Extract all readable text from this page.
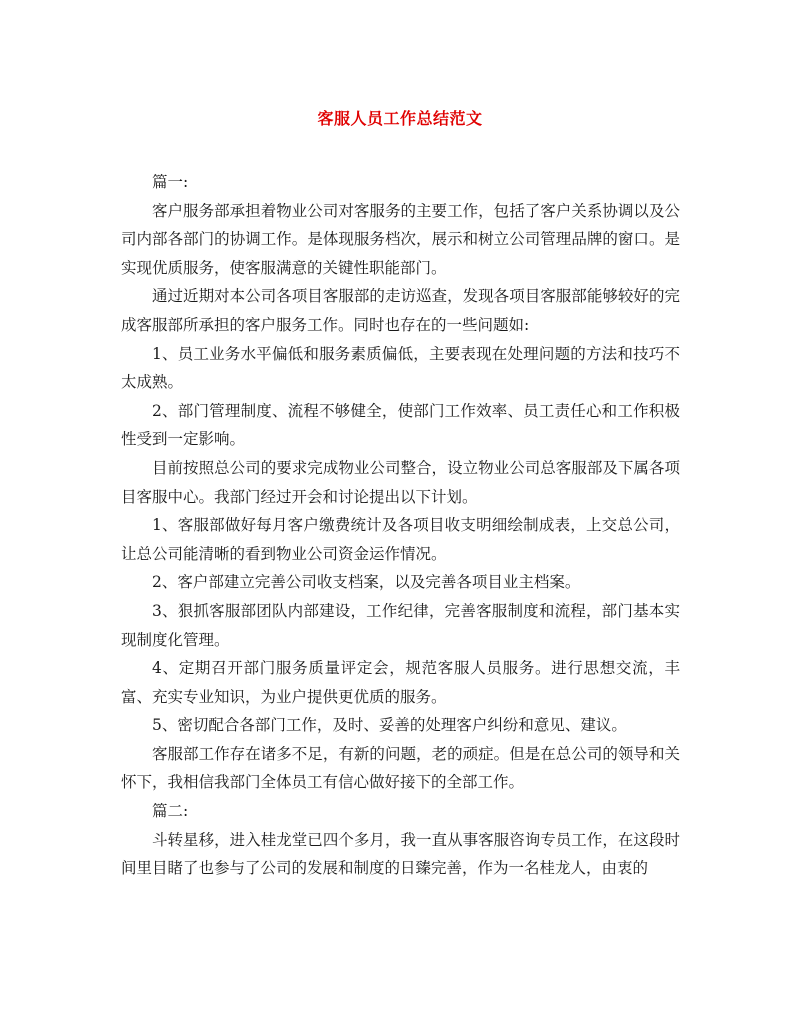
客服人员工作总结范文

篇一:

客户服务部承担着物业公司对客服务的主要工作，包括了客户关系协调以及公司内部各部门的协调工作。是体现服务档次，展示和树立公司管理品牌的窗口。是实现优质服务，使客服满意的关键性职能部门。

通过近期对本公司各项目客服部的走访巡查，发现各项目客服部能够较好的完成客服部所承担的客户服务工作。同时也存在的一些问题如:

1、员工业务水平偏低和服务素质偏低，主要表现在处理问题的方法和技巧不太成熟。

2、部门管理制度、流程不够健全，使部门工作效率、员工责任心和工作积极性受到一定影响。

目前按照总公司的要求完成物业公司整合，设立物业公司总客服部及下属各项目客服中心。我部门经过开会和讨论提出以下计划。

1、客服部做好每月客户缴费统计及各项目收支明细绘制成表，上交总公司，让总公司能清晰的看到物业公司资金运作情况。

2、客户部建立完善公司收支档案，以及完善各项目业主档案。

3、狠抓客服部团队内部建设，工作纪律，完善客服制度和流程，部门基本实现制度化管理。

4、定期召开部门服务质量评定会，规范客服人员服务。进行思想交流，丰富、充实专业知识，为业户提供更优质的服务。

5、密切配合各部门工作，及时、妥善的处理客户纠纷和意见、建议。

客服部工作存在诸多不足，有新的问题，老的顽症。但是在总公司的领导和关怀下，我相信我部门全体员工有信心做好接下的全部工作。

篇二:

斗转星移，进入桂龙堂已四个多月，我一直从事客服咨询专员工作，在这段时间里目睹了也参与了公司的发展和制度的日臻完善，作为一名桂龙人，由衷的
